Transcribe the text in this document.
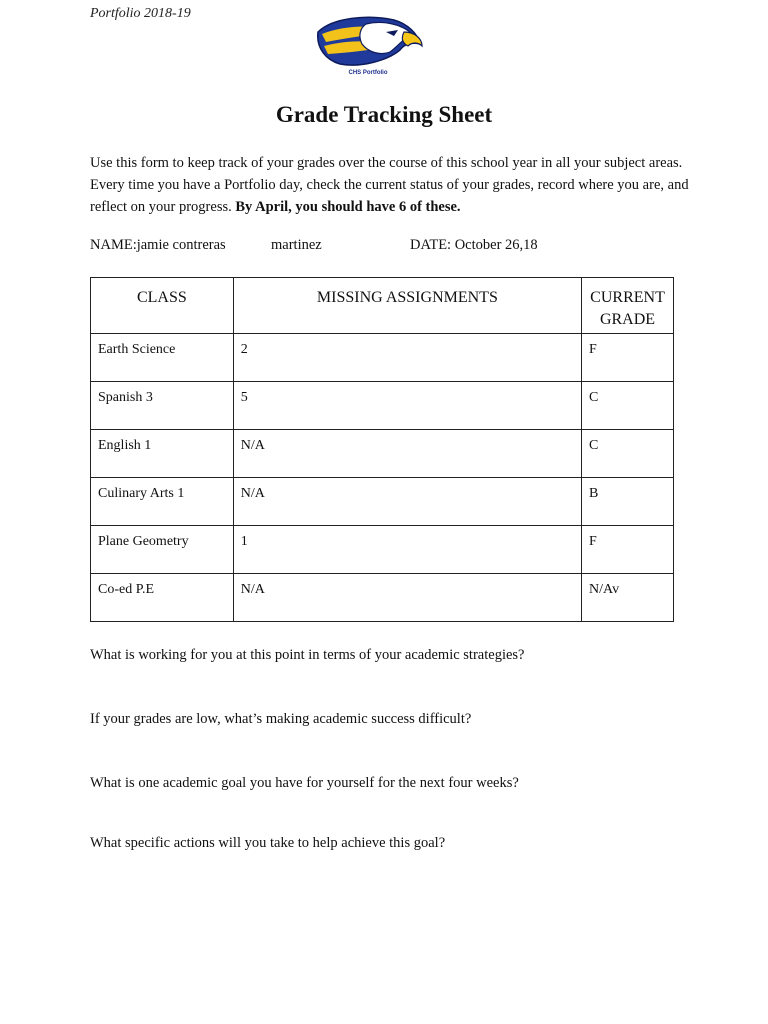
Portfolio 2018-19
CHS Portfolio
Grade Tracking Sheet
Use this form to keep track of your grades over the course of this school year in all your subject areas. Every time you have a Portfolio day, check the current status of your grades, record where you are, and reflect on your progress. By April, you should have 6 of these.
NAME:jamie contreras	martinez	DATE: October 26,18
CLASS	MISSING ASSIGNMENTS	CURRENT GRADE
Earth Science	2	F
Spanish 3	5	C
English 1	N/A	C
Culinary Arts 1	N/A	B
Plane Geometry	1	F
Co-ed P.E	N/A	N/Av
What is working for you at this point in terms of your academic strategies?
If your grades are low, what’s making academic success difficult?
What is one academic goal you have for yourself for the next four weeks?
What specific actions will you take to help achieve this goal?
